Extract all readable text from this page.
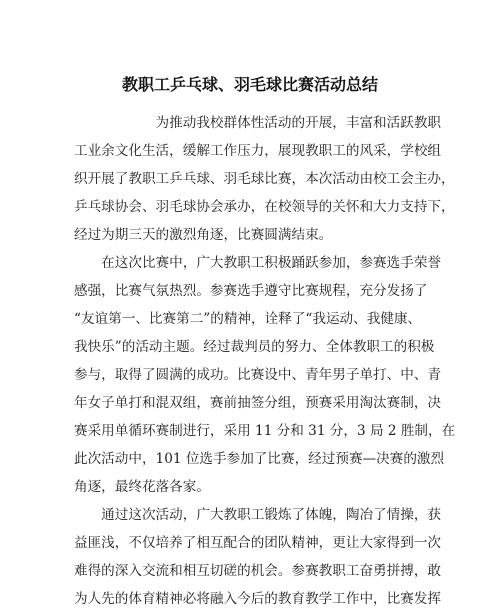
教职工乒乓球、羽毛球比赛活动总结
　　　　　　为推动我校群体性活动的开展，丰富和活跃教职
工业余文化生活，缓解工作压力，展现教职工的风采，学校组
织开展了教职工乒乓球、羽毛球比赛，本次活动由校工会主办，
乒乓球协会、羽毛球协会承办，在校领导的关怀和大力支持下，
经过为期三天的激烈角逐，比赛圆满结束。
　　在这次比赛中，广大教职工积极踊跃参加，参赛选手荣誉
感强，比赛气氛热烈。参赛选手遵守比赛规程，充分发扬了
“友谊第一、比赛第二”的精神，诠释了“我运动、我健康、
我快乐”的活动主题。经过裁判员的努力、全体教职工的积极
参与，取得了圆满的成功。比赛设中、青年男子单打、中、青
年女子单打和混双组，赛前抽签分组，预赛采用淘汰赛制，决
赛采用单循环赛制进行，采用 11 分和 31 分，3 局 2 胜制，在
此次活动中，101 位选手参加了比赛，经过预赛—决赛的激烈
角逐，最终花落各家。
　　通过这次活动，广大教职工锻炼了体魄，陶冶了情操，获
益匪浅，不仅培养了相互配合的团队精神，更让大家得到一次
难得的深入交流和相互切磋的机会。参赛教职工奋勇拼搏，敢
为人先的体育精神必将融入今后的教育教学工作中，比赛发挥
